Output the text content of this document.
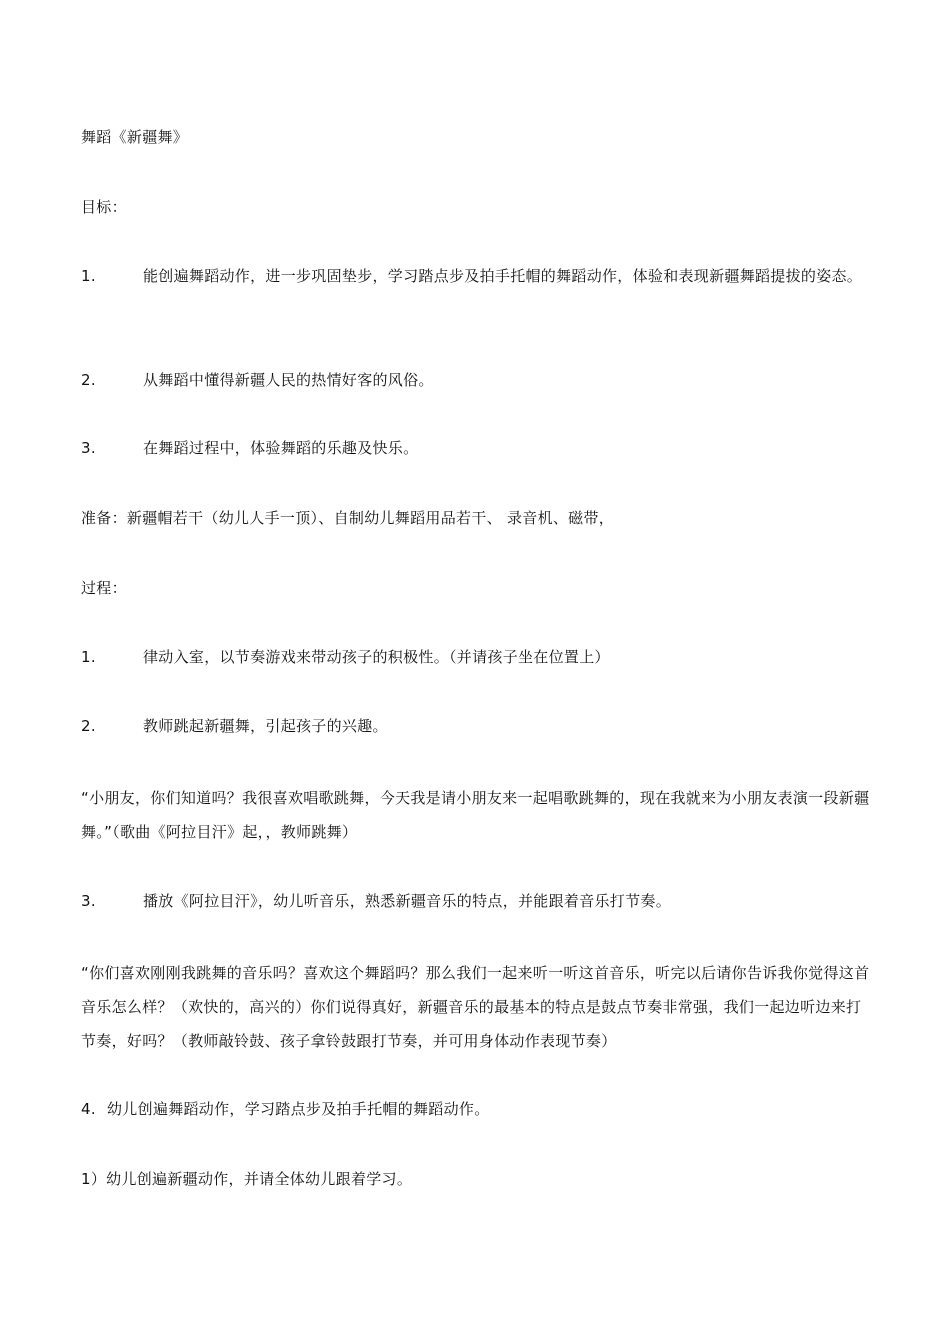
舞蹈《新疆舞》
目标：
1.	能创遍舞蹈动作，进一步巩固垫步，学习踏点步及拍手托帽的舞蹈动作，体验和表现新疆舞蹈提拔的姿态。
2.	从舞蹈中懂得新疆人民的热情好客的风俗。
3.	在舞蹈过程中，体验舞蹈的乐趣及快乐。
准备：新疆帽若干（幼儿人手一顶）、自制幼儿舞蹈用品若干、 录音机、磁带，
过程：
1.	律动入室，以节奏游戏来带动孩子的积极性。（并请孩子坐在位置上）
2.	教师跳起新疆舞，引起孩子的兴趣。
“小朋友，你们知道吗？我很喜欢唱歌跳舞，今天我是请小朋友来一起唱歌跳舞的，现在我就来为小朋友表演一段新疆舞。”（歌曲《阿拉目汗》起，，教师跳舞）
3.	播放《阿拉目汗》，幼儿听音乐，熟悉新疆音乐的特点，并能跟着音乐打节奏。
“你们喜欢刚刚我跳舞的音乐吗？喜欢这个舞蹈吗？那么我们一起来听一听这首音乐，听完以后请你告诉我你觉得这首音乐怎么样？（欢快的，高兴的）你们说得真好，新疆音乐的最基本的特点是鼓点节奏非常强，我们一起边听边来打节奏，好吗？（教师敲铃鼓、孩子拿铃鼓跟打节奏，并可用身体动作表现节奏）
4. 幼儿创遍舞蹈动作，学习踏点步及拍手托帽的舞蹈动作。
1）幼儿创遍新疆动作，并请全体幼儿跟着学习。
